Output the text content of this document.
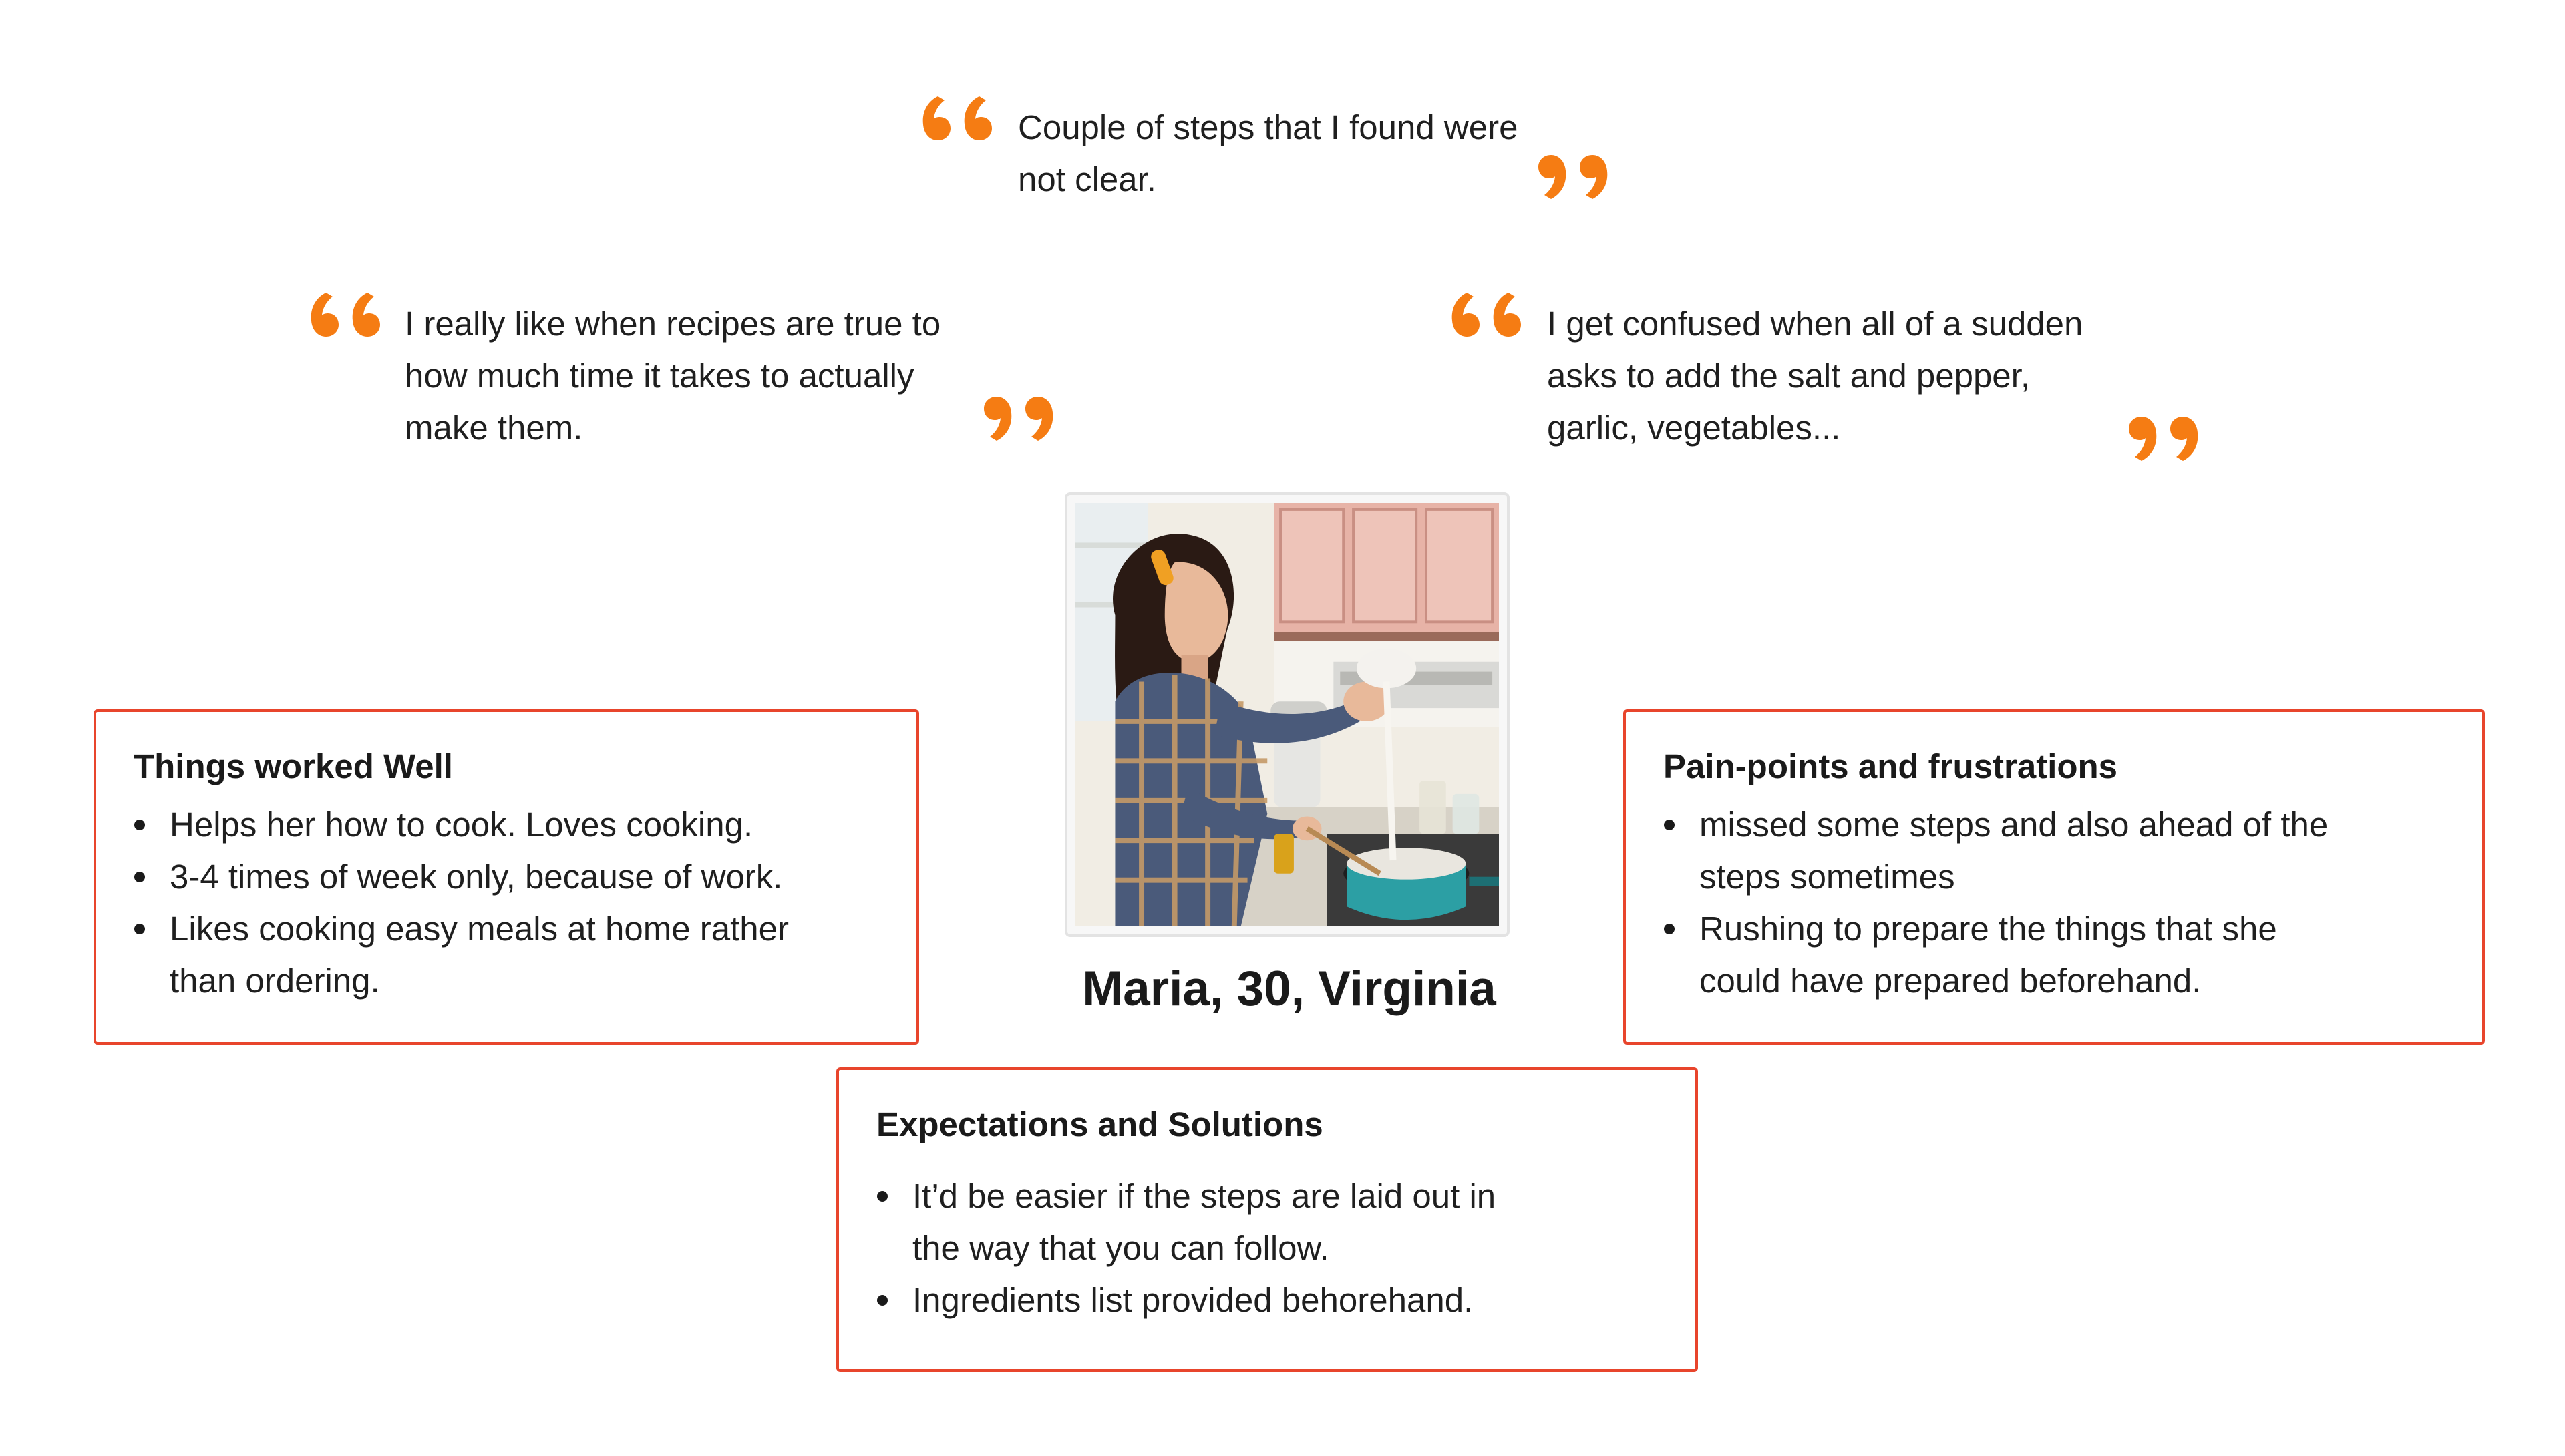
Couple of steps that I found were
not clear.
I really like when recipes are true to
how much time it takes to actually
make them.
I get confused when all of a sudden
asks to add the salt and pepper,
garlic, vegetables...
Maria, 30, Virginia
Things worked Well
Helps her how to cook. Loves cooking.
3-4 times of week only, because of work.
Likes cooking easy meals at home rather
than ordering.
Pain-points and frustrations
missed some steps and also ahead of the
steps sometimes
Rushing to prepare the things that she
could have prepared beforehand.
Expectations and Solutions
It’d be easier if the steps are laid out in
the way that you can follow.
Ingredients list provided behorehand.
